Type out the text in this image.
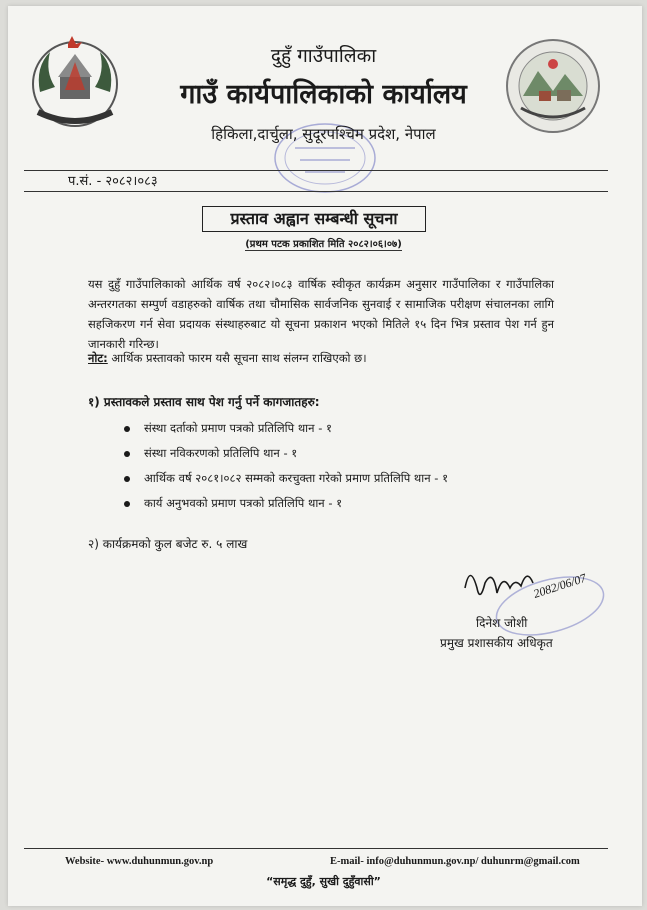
दुहुँ गाउँपालिका
गाउँ कार्यपालिकाको कार्यालय
हिकिला,दार्चुला, सुदूरपश्चिम प्रदेश, नेपाल
प.सं. - २०८२।०८३
प्रस्ताव अह्वान सम्बन्धी सूचना
(प्रथम पटक प्रकाशित मिति २०८२।०६।०७)
यस दुहुँ गाउँपालिकाको आर्थिक वर्ष २०८२।०८३ वार्षिक स्वीकृत कार्यक्रम अनुसार गाउँपालिका र गाउँपालिका अन्तरगतका सम्पुर्ण वडाहरुको वार्षिक तथा चौमासिक सार्वजनिक सुनवाई र सामाजिक परीक्षण संचालनका लागि सहजिकरण गर्न सेवा प्रदायक संस्थाहरुबाट यो सूचना प्रकाशन भएको मितिले १५ दिन भित्र प्रस्ताव पेश गर्न हुन जानकारी गरिन्छ।
नोट: आर्थिक प्रस्तावको फारम यसै सूचना साथ संलग्न राखिएको छ।
१) प्रस्तावकले प्रस्ताव साथ पेश गर्नु पर्ने कागजातहरु:
संस्था दर्ताको प्रमाण पत्रको प्रतिलिपि थान - १
संस्था नविकरणको प्रतिलिपि थान - १
आर्थिक वर्ष २०८१।०८२ सम्मको करचुक्ता गरेको प्रमाण प्रतिलिपि थान - १
कार्य अनुभवको प्रमाण पत्रको प्रतिलिपि थान - १
२) कार्यक्रमको कुल बजेट रु. ५ लाख
2082/06/07
दिनेश जोशी
प्रमुख प्रशासकीय अधिकृत
Website- www.duhunmun.gov.np	E-mail- info@duhunmun.gov.np/ duhunrm@gmail.com
“समृद्ध दुहुँ, सुखी दुहुँवासी”
